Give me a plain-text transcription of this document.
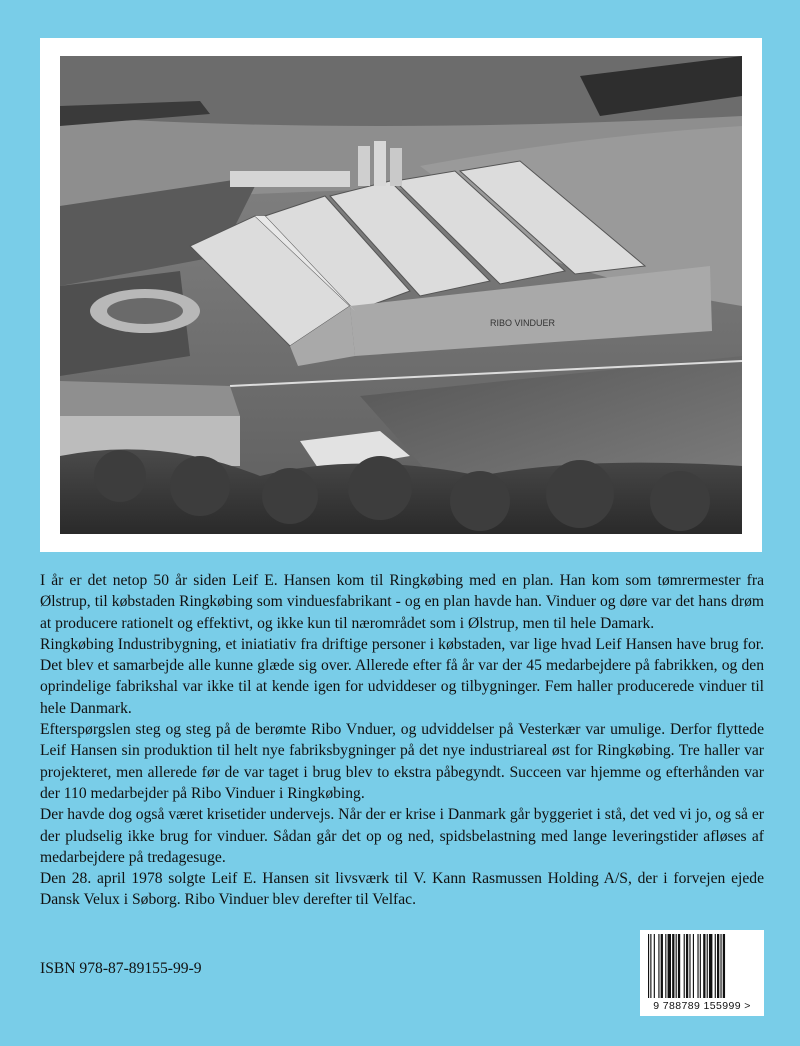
RIBO VINDUER

I år er det netop 50 år siden Leif E. Hansen kom til Ringkøbing med en plan. Han kom som tømrermester fra Ølstrup, til købstaden Ringkøbing som vinduesfabrikant - og en plan havde han. Vinduer og døre var det hans drøm at producere rationelt og effektivt, og ikke kun til nærområdet som i Ølstrup, men til hele Damark.

Ringkøbing Industribygning, et iniatiativ fra driftige personer i købstaden, var lige hvad Leif Hansen have brug for. Det blev et samarbejde alle kunne glæde sig over. Allerede efter få år var der 45 medarbejdere på fabrikken, og den oprindelige fabrikshal var ikke til at kende igen for udviddeser og tilbygninger. Fem haller producerede vinduer til hele Danmark.

Efterspørgslen steg og steg på de berømte Ribo Vnduer, og udviddelser på Vesterkær var umulige. Derfor flyttede Leif Hansen sin produktion til helt nye fabriksbygninger på det nye industriareal øst for Ringkøbing. Tre haller var projekteret, men allerede før de var taget i brug blev to ekstra påbegyndt. Succeen var hjemme og efterhånden var der 110 medarbejder på Ribo Vinduer i Ringkøbing.

Der havde dog også været krisetider undervejs. Når der er krise i Danmark går byggeriet i stå, det ved vi jo, og så er der pludselig ikke brug for vinduer. Sådan går det op og ned, spidsbelastning med lange leveringstider afløses af medarbejdere på tredagesuge.

Den 28. april 1978 solgte Leif E. Hansen sit livsværk til V. Kann Rasmussen Holding A/S, der i forvejen ejede Dansk Velux i Søborg. Ribo Vinduer blev derefter til Velfac.

ISBN 978-87-89155-99-9
9 788789 155999 >
